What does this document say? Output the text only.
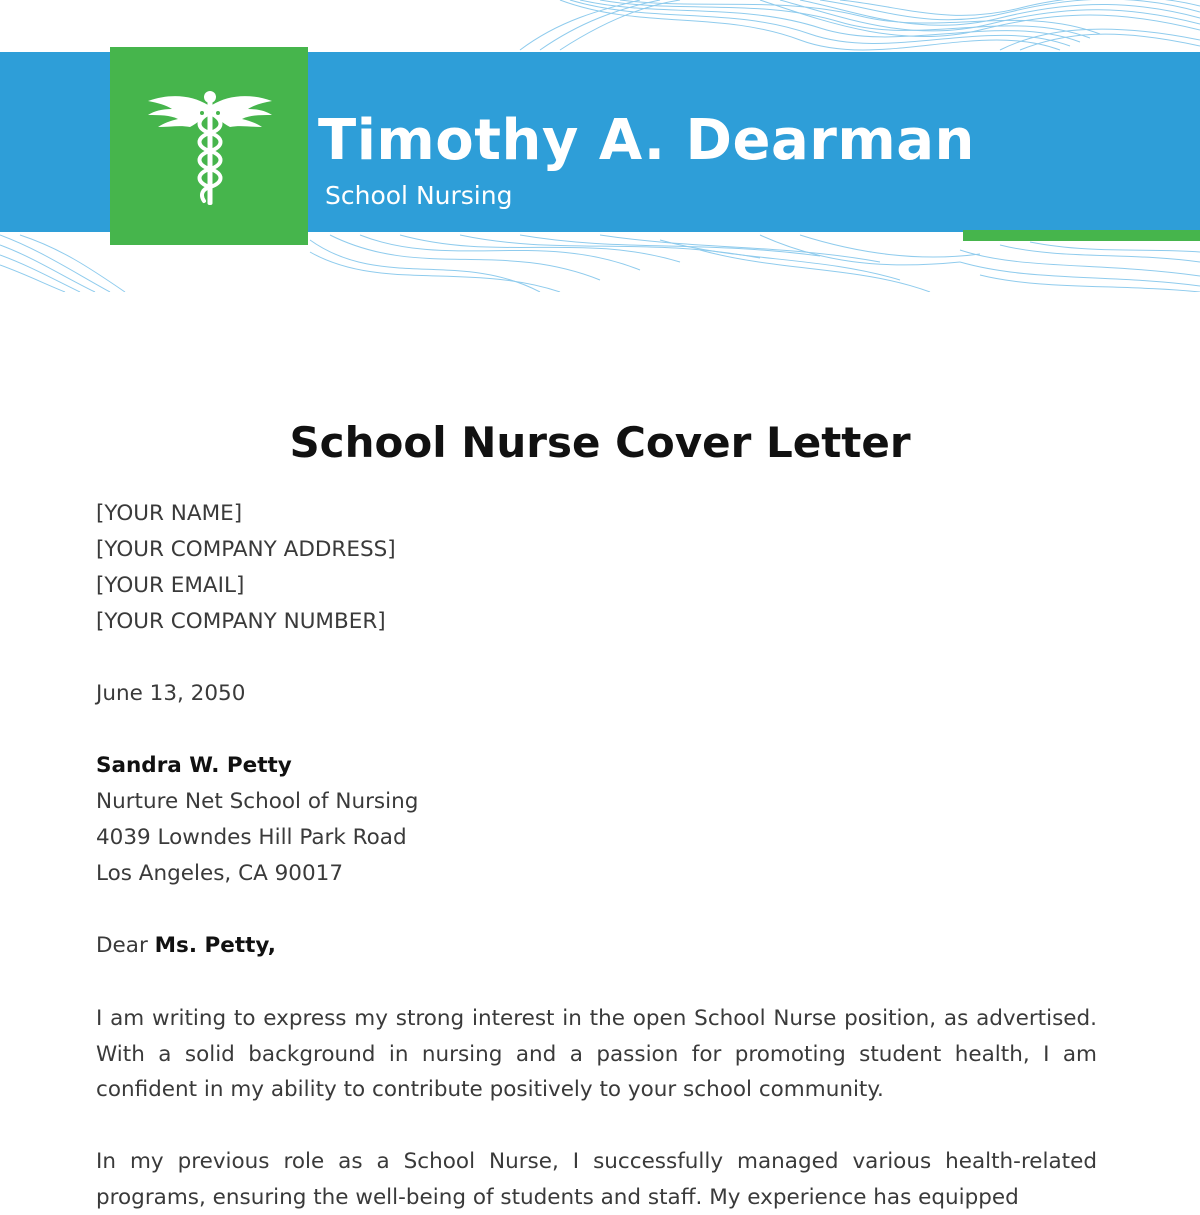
Timothy A. Dearman
School Nursing
School Nurse Cover Letter
[YOUR NAME]
[YOUR COMPANY ADDRESS]
[YOUR EMAIL]
[YOUR COMPANY NUMBER]
June 13, 2050
Sandra W. Petty
Nurture Net School of Nursing
4039 Lowndes Hill Park Road
Los Angeles, CA 90017
Dear Ms. Petty,
I am writing to express my strong interest in the open School Nurse position, as advertised. With a solid background in nursing and a passion for promoting student health, I am confident in my ability to contribute positively to your school community.
In my previous role as a School Nurse, I successfully managed various health-related programs, ensuring the well-being of students and staff. My experience has equipped
